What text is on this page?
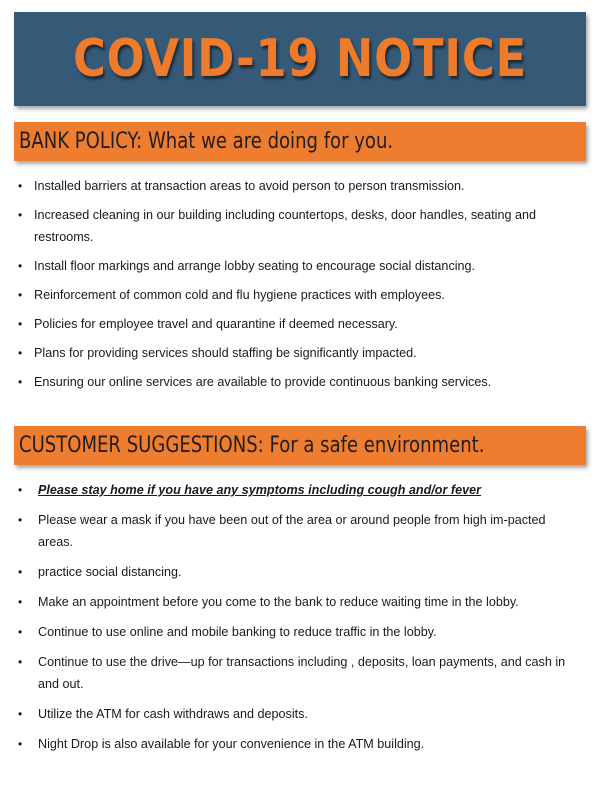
COVID-19 NOTICE
BANK POLICY: What we are doing for you.
• Installed barriers at transaction areas to avoid person to person transmission.
• Increased cleaning in our building including countertops, desks, door handles, seating and restrooms.
• Install floor markings and arrange lobby seating to encourage social distancing.
• Reinforcement of common cold and flu hygiene practices with employees.
• Policies for employee travel and quarantine if deemed necessary.
• Plans for providing services should staffing be significantly impacted.
• Ensuring our online services are available to provide continuous banking services.
CUSTOMER SUGGESTIONS: For a safe environment.
• Please stay home if you have any symptoms including cough and/or fever
• Please wear a mask if you have been out of the area or around people from high im-pacted areas.
• practice social distancing.
• Make an appointment before you come to the bank to reduce waiting time in the lobby.
• Continue to use online and mobile banking to reduce traffic in the lobby.
• Continue to use the drive—up for transactions including , deposits, loan payments, and cash in and out.
• Utilize the ATM for cash withdraws and deposits.
• Night Drop is also available for your convenience in the ATM building.
